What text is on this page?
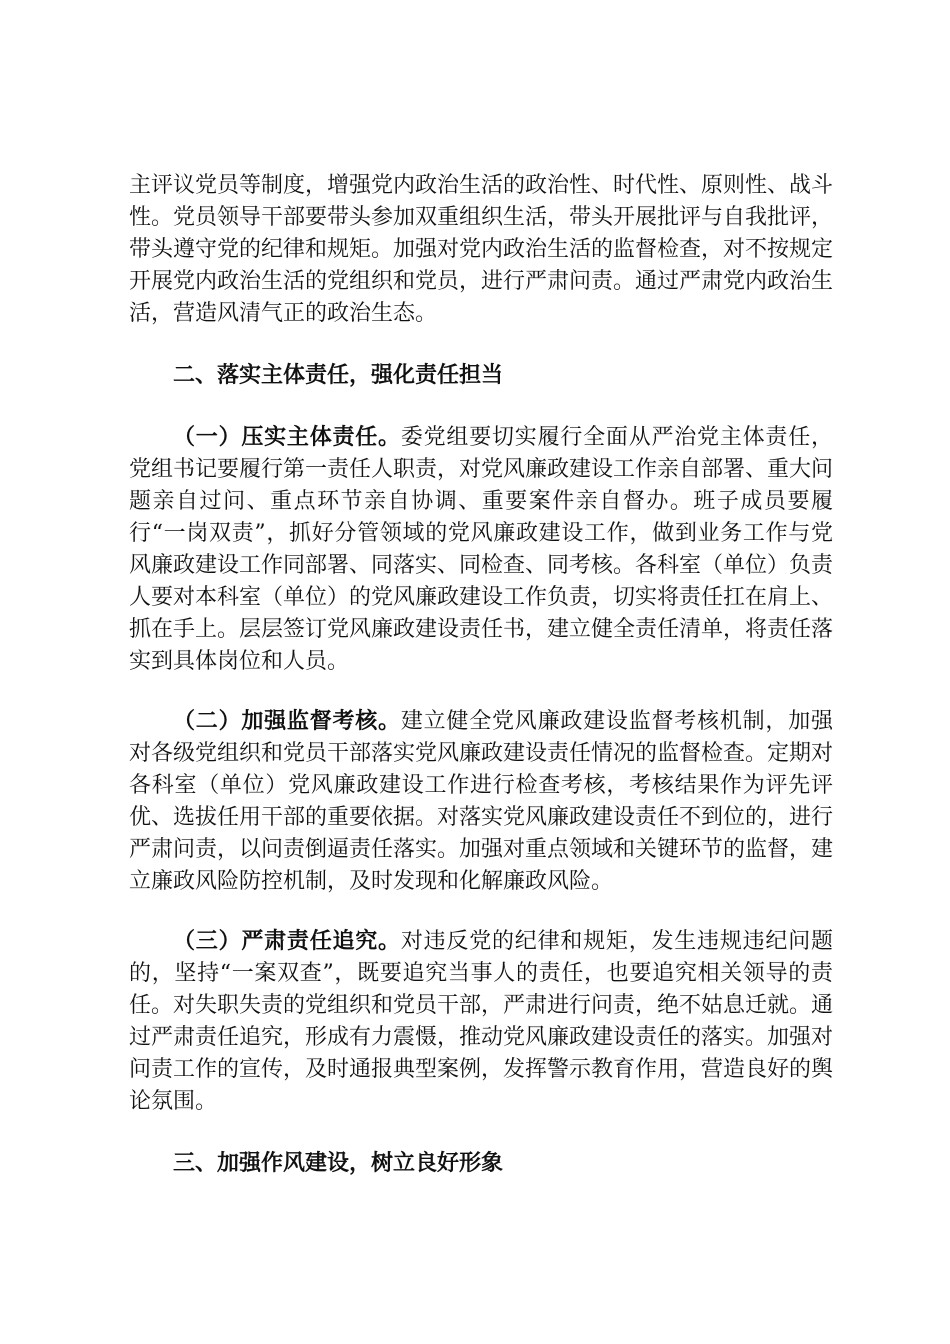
主评议党员等制度，增强党内政治生活的政治性、时代性、原则性、战斗性。党员领导干部要带头参加双重组织生活，带头开展批评与自我批评，带头遵守党的纪律和规矩。加强对党内政治生活的监督检查，对不按规定开展党内政治生活的党组织和党员，进行严肃问责。通过严肃党内政治生活，营造风清气正的政治生态。

二、落实主体责任，强化责任担当

（一）压实主体责任。委党组要切实履行全面从严治党主体责任，党组书记要履行第一责任人职责，对党风廉政建设工作亲自部署、重大问题亲自过问、重点环节亲自协调、重要案件亲自督办。班子成员要履行“一岗双责”，抓好分管领域的党风廉政建设工作，做到业务工作与党风廉政建设工作同部署、同落实、同检查、同考核。各科室（单位）负责人要对本科室（单位）的党风廉政建设工作负责，切实将责任扛在肩上、抓在手上。层层签订党风廉政建设责任书，建立健全责任清单，将责任落实到具体岗位和人员。

（二）加强监督考核。建立健全党风廉政建设监督考核机制，加强对各级党组织和党员干部落实党风廉政建设责任情况的监督检查。定期对各科室（单位）党风廉政建设工作进行检查考核，考核结果作为评先评优、选拔任用干部的重要依据。对落实党风廉政建设责任不到位的，进行严肃问责，以问责倒逼责任落实。加强对重点领域和关键环节的监督，建立廉政风险防控机制，及时发现和化解廉政风险。

（三）严肃责任追究。对违反党的纪律和规矩，发生违规违纪问题的，坚持“一案双查”，既要追究当事人的责任，也要追究相关领导的责任。对失职失责的党组织和党员干部，严肃进行问责，绝不姑息迁就。通过严肃责任追究，形成有力震慑，推动党风廉政建设责任的落实。加强对问责工作的宣传，及时通报典型案例，发挥警示教育作用，营造良好的舆论氛围。

三、加强作风建设，树立良好形象
